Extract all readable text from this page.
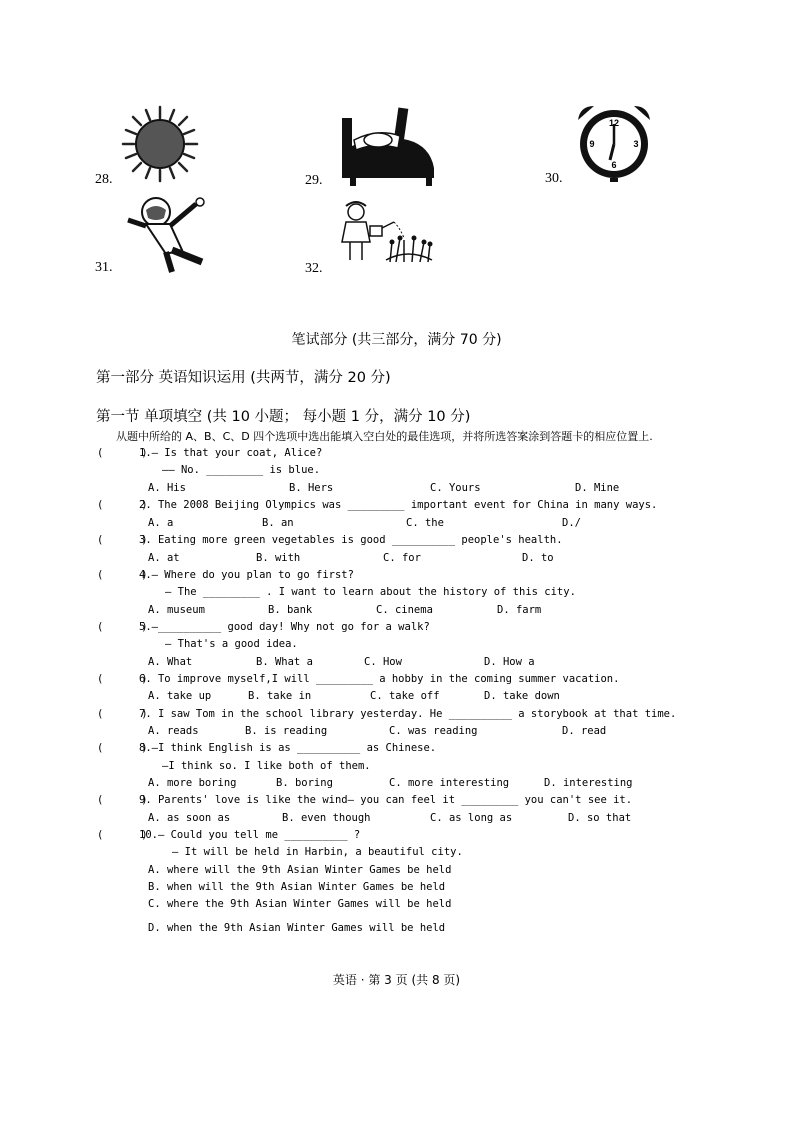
28.	29.	30.
12
6
9	3
31.	32.
笔试部分 (共三部分，满分 70 分)
第一部分 英语知识运用 (共两节，满分 20 分)
第一节 单项填空 (共 10 小题； 每小题 1 分，满分 10 分)
从题中所给的 A、B、C、D 四个选项中选出能填入空白处的最佳选项，并将所选答案涂到答题卡的相应位置上.
(      )
1.— Is that your coat, Alice?
—— No. _________ is blue.
A. His	B. Hers	C. Yours	D. Mine
(      )
2. The 2008 Beijing Olympics was _________ important event for China in many ways.
A. a	B. an	C. the	D./
(      )
3. Eating more green vegetables is good __________ people's health.
A. at	B. with	C. for	D. to
(      )
4.— Where do you plan to go first?
— The _________ . I want to learn about the history of this city.
A. museum	B. bank	C. cinema	D. farm
(      )
5.—__________ good day! Why not go for a walk?
— That's a good idea.
A. What	B. What a	C. How	D. How a
(      )
6. To improve myself,I will _________ a hobby in the coming summer vacation.
A. take up	B. take in	C. take off	D. take down
(      )
7. I saw Tom in the school library yesterday. He __________ a storybook at that time.
A. reads	B. is reading	C. was reading	D. read
(      )
8.—I think English is as __________ as Chinese.
—I think so. I like both of them.
A. more boring	B. boring	C. more interesting	D. interesting
(      )
9. Parents' love is like the wind— you can feel it _________ you can't see it.
A. as soon as	B. even though	C. as long as	D. so that
(      )
10.— Could you tell me __________ ?
— It will be held in Harbin, a beautiful city.
A. where will the 9th Asian Winter Games be held
B. when will the 9th Asian Winter Games be held
C. where the 9th Asian Winter Games will be held
D. when the 9th Asian Winter Games will be held
英语 · 第 3 页 (共 8 页)
